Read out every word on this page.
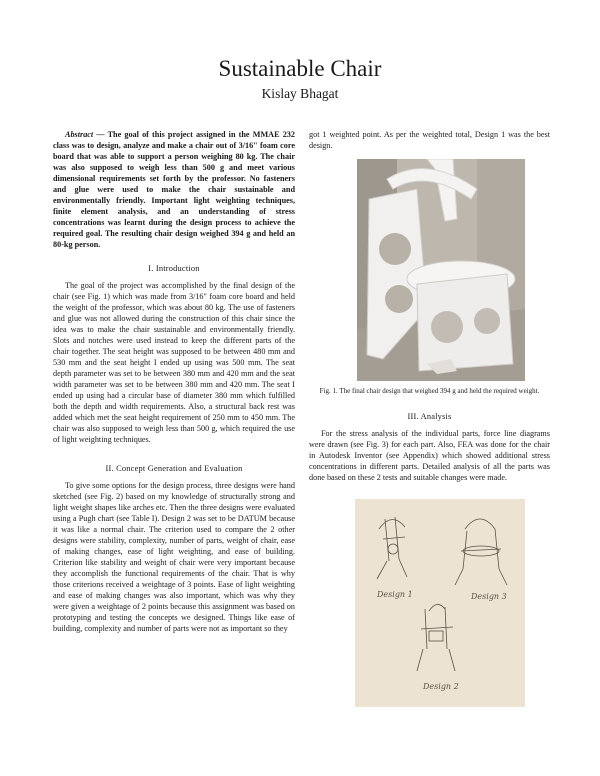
Sustainable Chair
Kislay Bhagat

Abstract — The goal of this project assigned in the MMAE 232 class was to design, analyze and make a chair out of 3/16" foam core board that was able to support a person weighing 80 kg. The chair was also supposed to weigh less than 500 g and meet various dimensional requirements set forth by the professor. No fasteners and glue were used to make the chair sustainable and environmentally friendly. Important light weighting techniques, finite element analysis, and an understanding of stress concentrations was learnt during the design process to achieve the required goal. The resulting chair design weighed 394 g and held an 80-kg person.

I. Introduction

The goal of the project was accomplished by the final design of the chair (see Fig. 1) which was made from 3/16" foam core board and held the weight of the professor, which was about 80 kg. The use of fasteners and glue was not allowed during the construction of this chair since the idea was to make the chair sustainable and environmentally friendly. Slots and notches were used instead to keep the different parts of the chair together. The seat height was supposed to be between 480 mm and 530 mm and the seat height I ended up using was 500 mm. The seat depth parameter was set to be between 380 mm and 420 mm and the seat width parameter was set to be between 380 mm and 420 mm. The seat I ended up using had a circular base of diameter 380 mm which fulfilled both the depth and width requirements. Also, a structural back rest was added which met the seat height requirement of 250 mm to 450 mm. The chair was also supposed to weigh less than 500 g, which required the use of light weighting techniques.

II. Concept Generation and Evaluation

To give some options for the design process, three designs were hand sketched (see Fig. 2) based on my knowledge of structurally strong and light weight shapes like arches etc. Then the three designs were evaluated using a Pugh chart (see Table I). Design 2 was set to be DATUM because it was like a normal chair. The criterion used to compare the 2 other designs were stability, complexity, number of parts, weight of chair, ease of making changes, ease of light weighting, and ease of building. Criterion like stability and weight of chair were very important because they accomplish the functional requirements of the chair. That is why those criterions received a weightage of 3 points. Ease of light weighting and ease of making changes was also important, which was why they were given a weightage of 2 points because this assignment was based on prototyping and testing the concepts we designed. Things like ease of building, complexity and number of parts were not as important so they

got 1 weighted point. As per the weighted total, Design 1 was the best design.

Fig. 1. The final chair design that weighed 394 g and held the required weight.
III. Analysis

For the stress analysis of the individual parts, force line diagrams were drawn (see Fig. 3) for each part. Also, FEA was done for the chair in Autodesk Inventor (see Appendix) which showed additional stress concentrations in different parts. Detailed analysis of all the parts was done based on these 2 tests and suitable changes were made.

Design 1	Design 3
Design 2
